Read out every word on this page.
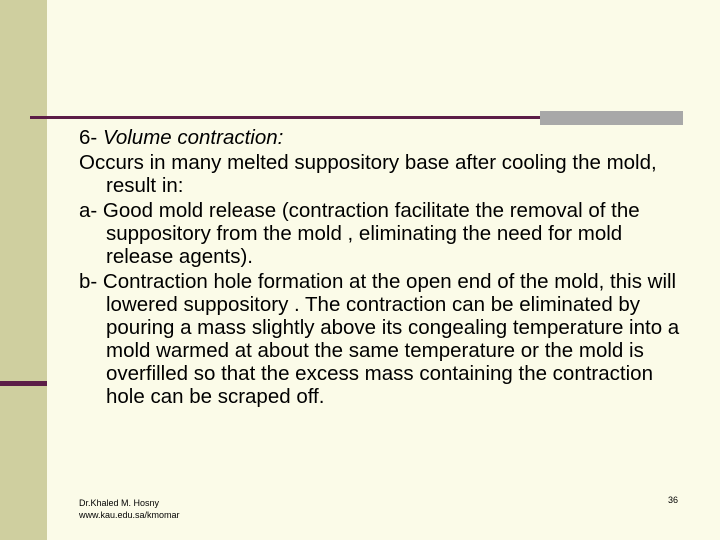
6- Volume contraction:

Occurs in many melted suppository base after cooling the mold, result in:

a- Good mold release (contraction facilitate the removal of the suppository from the mold , eliminating the need for mold release agents).

b- Contraction hole formation at the open end of the mold, this will lowered suppository . The contraction can be eliminated by pouring a mass slightly above its congealing temperature into a mold warmed at about the same temperature or the mold is overfilled so that the excess mass containing the contraction hole can be scraped off.

Dr.Khaled M. Hosny
www.kau.edu.sa/kmomar
36
